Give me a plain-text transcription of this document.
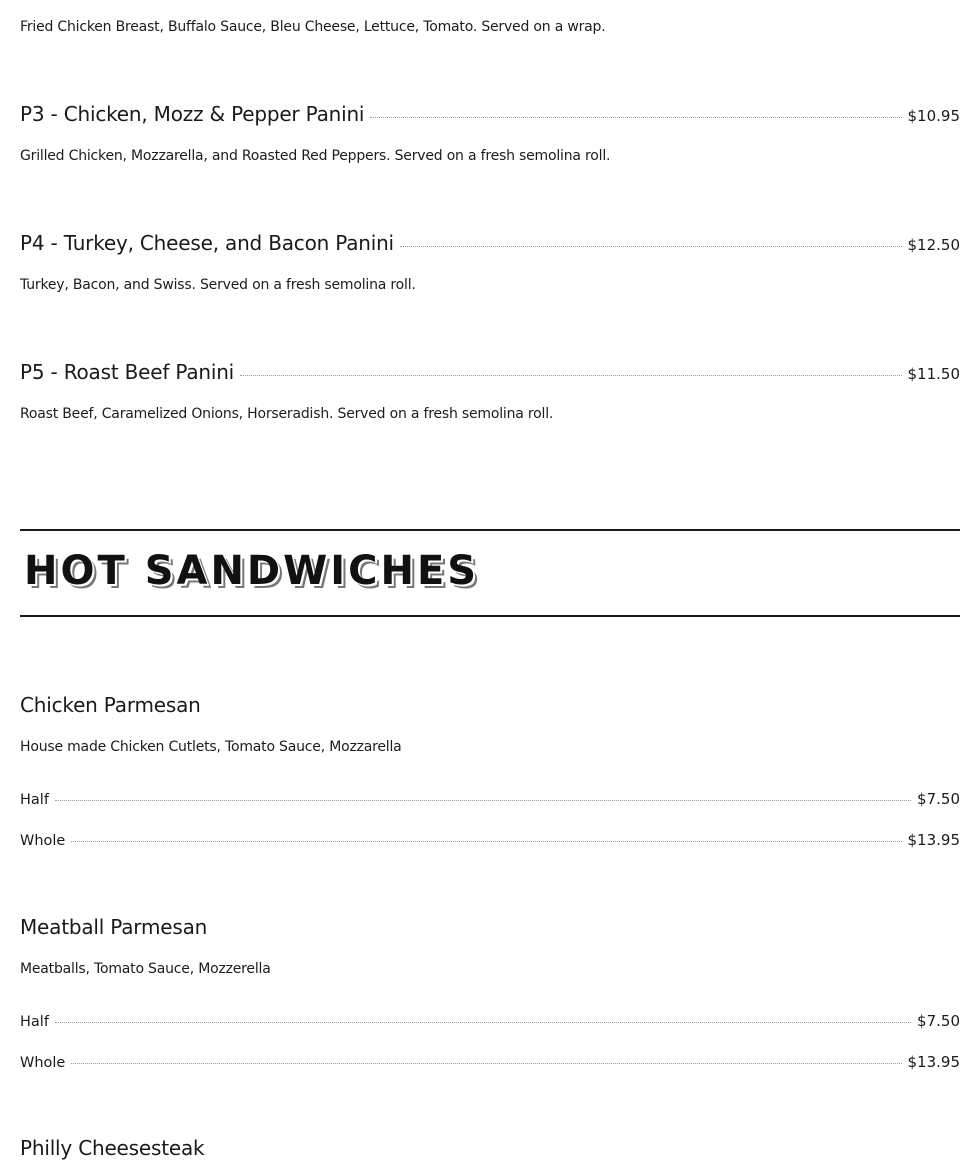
Fried Chicken Breast, Buffalo Sauce, Bleu Cheese, Lettuce, Tomato. Served on a wrap.
P3 - Chicken, Mozz & Pepper Panini	$10.95
Grilled Chicken, Mozzarella, and Roasted Red Peppers. Served on a fresh semolina roll.
P4 - Turkey, Cheese, and Bacon Panini	$12.50
Turkey, Bacon, and Swiss. Served on a fresh semolina roll.
P5 - Roast Beef Panini	$11.50
Roast Beef, Caramelized Onions, Horseradish. Served on a fresh semolina roll.
HOT SANDWICHES
Chicken Parmesan
House made Chicken Cutlets, Tomato Sauce, Mozzarella
Half	$7.50
Whole	$13.95
Meatball Parmesan
Meatballs, Tomato Sauce, Mozzerella
Half	$7.50
Whole	$13.95
Philly Cheesesteak
